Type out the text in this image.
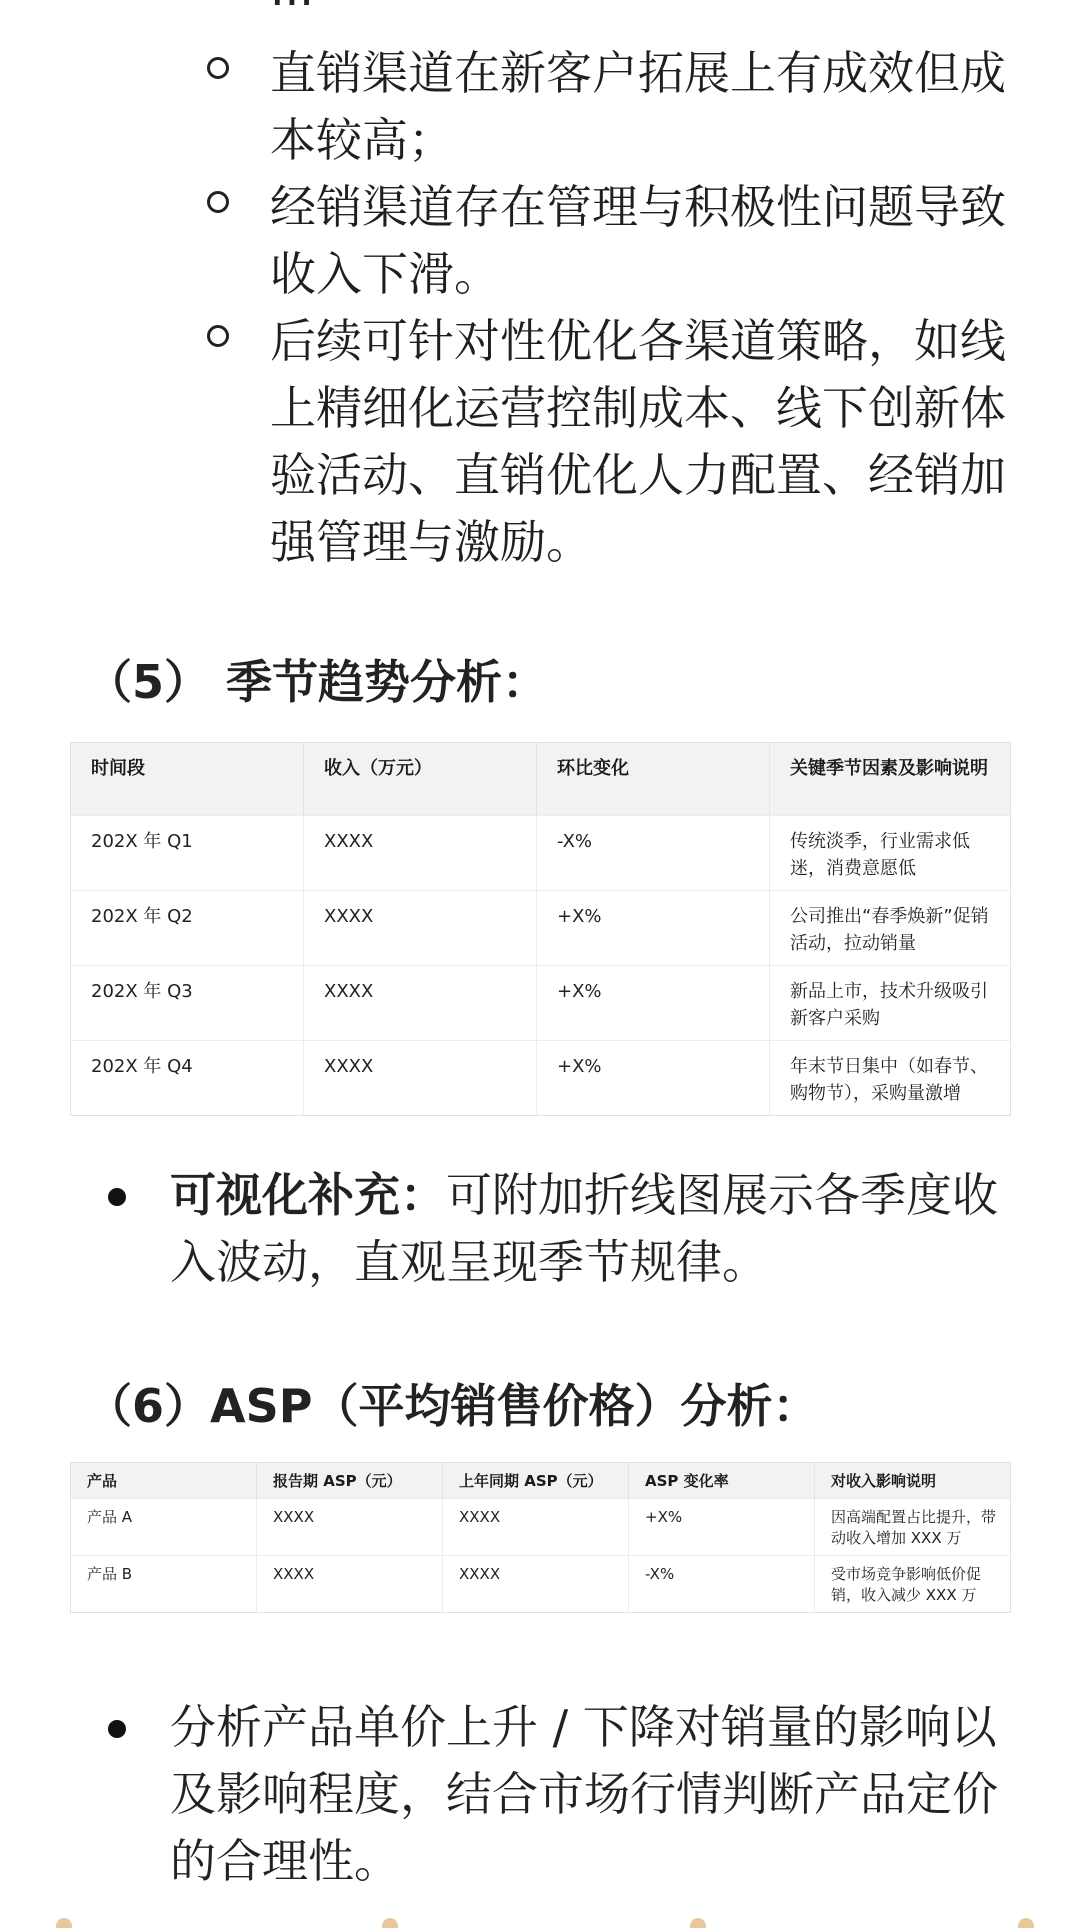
直销渠道在新客户拓展上有成效但成本较高；
经销渠道存在管理与积极性问题导致收入下滑。
后续可针对性优化各渠道策略，如线上精细化运营控制成本、线下创新体验活动、直销优化人力配置、经销加强管理与激励。
（5） 季节趋势分析：
时间段	收入（万元）	环比变化	关键季节因素及影响说明
202X 年 Q1	XXXX	-X%	传统淡季，行业需求低迷，消费意愿低
202X 年 Q2	XXXX	+X%	公司推出“春季焕新”促销活动，拉动销量
202X 年 Q3	XXXX	+X%	新品上市，技术升级吸引新客户采购
202X 年 Q4	XXXX	+X%	年末节日集中（如春节、购物节），采购量激增
可视化补充：可附加折线图展示各季度收入波动，直观呈现季节规律。
（6）ASP（平均销售价格）分析：
产品	报告期 ASP（元）	上年同期 ASP（元）	ASP 变化率	对收入影响说明
产品 A	XXXX	XXXX	+X%	因高端配置占比提升，带动收入增加 XXX 万
产品 B	XXXX	XXXX	-X%	受市场竞争影响低价促销，收入减少 XXX 万
分析产品单价上升 / 下降对销量的影响以及影响程度，结合市场行情判断产品定价的合理性。
